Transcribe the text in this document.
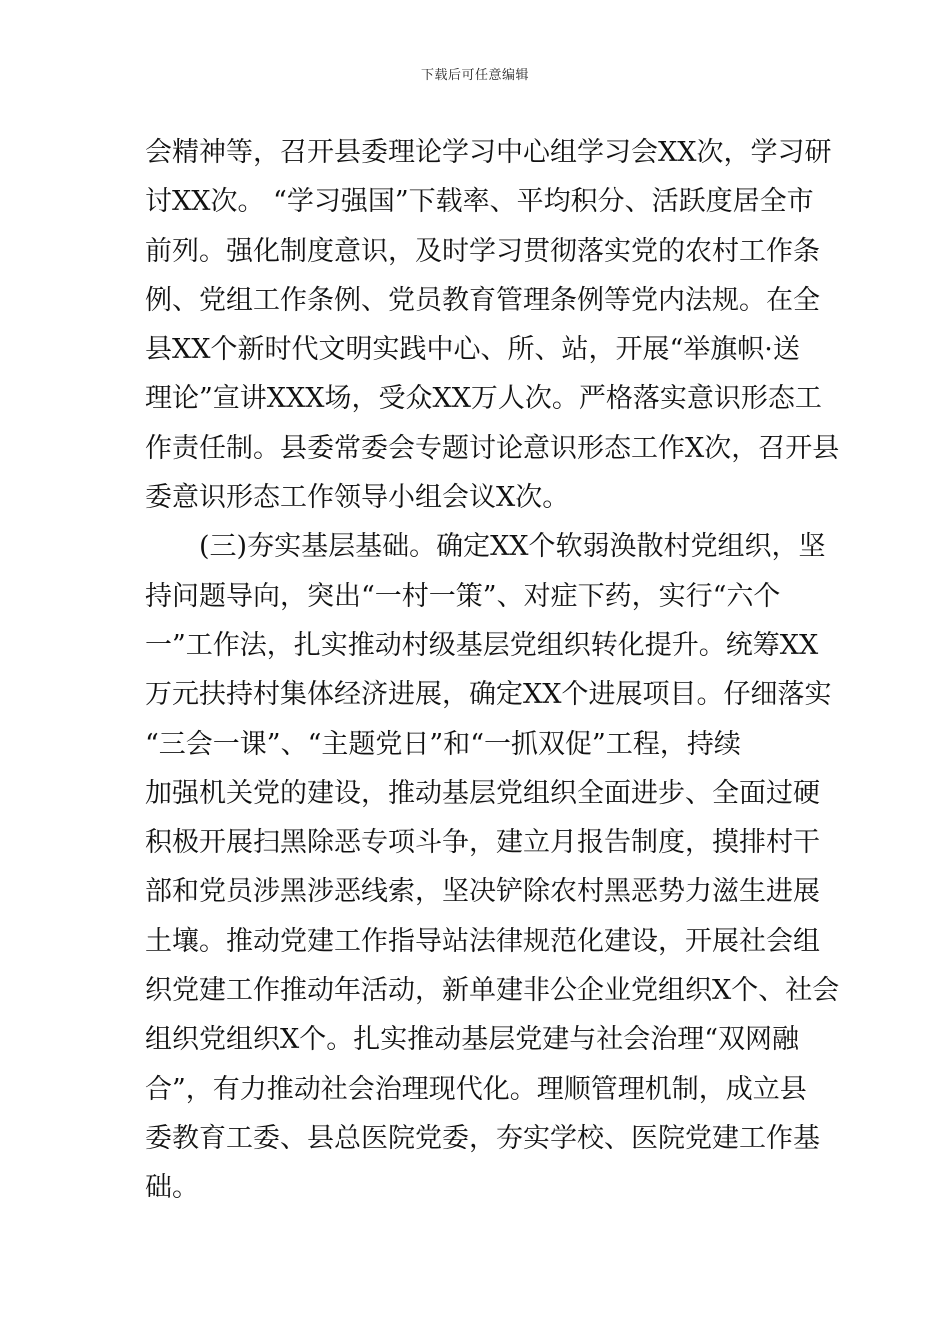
下载后可任意编辑
会精神等，召开县委理论学习中心组学习会XX次，学习研
讨XX次。 “学习强国”下载率、平均积分、活跃度居全市
前列。强化制度意识，及时学习贯彻落实党的农村工作条
例、党组工作条例、党员教育管理条例等党内法规。在全
县XX个新时代文明实践中心、所、站，开展“举旗帜·送
理论”宣讲XXX场，受众XX万人次。严格落实意识形态工
作责任制。县委常委会专题讨论意识形态工作X次，召开县
委意识形态工作领导小组会议X次。
(三)夯实基层基础。确定XX个软弱涣散村党组织，坚
持问题导向，突出“一村一策”、对症下药，实行“六个
一”工作法，扎实推动村级基层党组织转化提升。统筹XX
万元扶持村集体经济进展，确定XX个进展项目。仔细落实
“三会一课”、“主题党日”和“一抓双促”工程，持续
加强机关党的建设，推动基层党组织全面进步、全面过硬
积极开展扫黑除恶专项斗争，建立月报告制度，摸排村干
部和党员涉黑涉恶线索，坚决铲除农村黑恶势力滋生进展
土壤。推动党建工作指导站法律规范化建设，开展社会组
织党建工作推动年活动，新单建非公企业党组织X个、社会
组织党组织X个。扎实推动基层党建与社会治理“双网融
合”，有力推动社会治理现代化。理顺管理机制，成立县
委教育工委、县总医院党委，夯实学校、医院党建工作基
础。
